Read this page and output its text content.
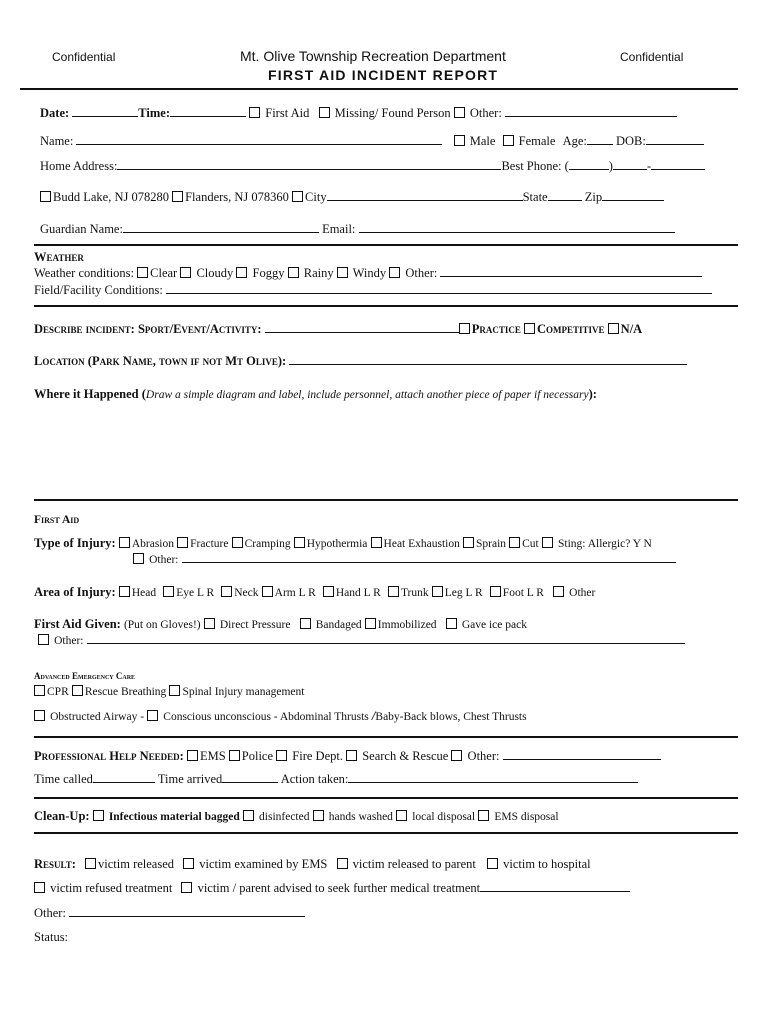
Confidential	Mt. Olive Township Recreation Department	Confidential
FIRST AID INCIDENT REPORT
Date:	Time:	First Aid Missing/ Found Person Other:
Name:	Male Female Age: DOB:
Home Address:	Best Phone: (	)	-
Budd Lake, NJ 078280 Flanders, NJ 078360 City	State	Zip
Guardian Name:	Email:
Weather
Weather conditions: Clear Cloudy Foggy Rainy Windy Other:
Field/Facility Conditions:
Describe incident: Sport/Event/Activity:	Practice Competitive N/A
Location (Park Name, town if not Mt Olive):
Where it Happened (Draw a simple diagram and label, include personnel, attach another piece of paper if necessary):
First Aid
Type of Injury: Abrasion Fracture Cramping Hypothermia Heat Exhaustion Sprain Cut Sting: Allergic? Y N
Other:
Area of Injury: Head Eye L R Neck Arm L R Hand L R Trunk Leg L R Foot L R Other
First Aid Given: (Put on Gloves!) Direct Pressure Bandaged Immobilized Gave ice pack
Other:
Advanced Emergency Care
CPR Rescue Breathing Spinal Injury management
Obstructed Airway - Conscious unconscious - Abdominal Thrusts /Baby-Back blows, Chest Thrusts
Professional Help Needed: EMS Police Fire Dept. Search & Rescue Other:
Time called	Time arrived	Action taken:
Clean-Up: Infectious material bagged disinfected hands washed local disposal EMS disposal
Result: victim released victim examined by EMS victim released to parent victim to hospital
victim refused treatment victim / parent advised to seek further medical treatment
Other:
Status:
